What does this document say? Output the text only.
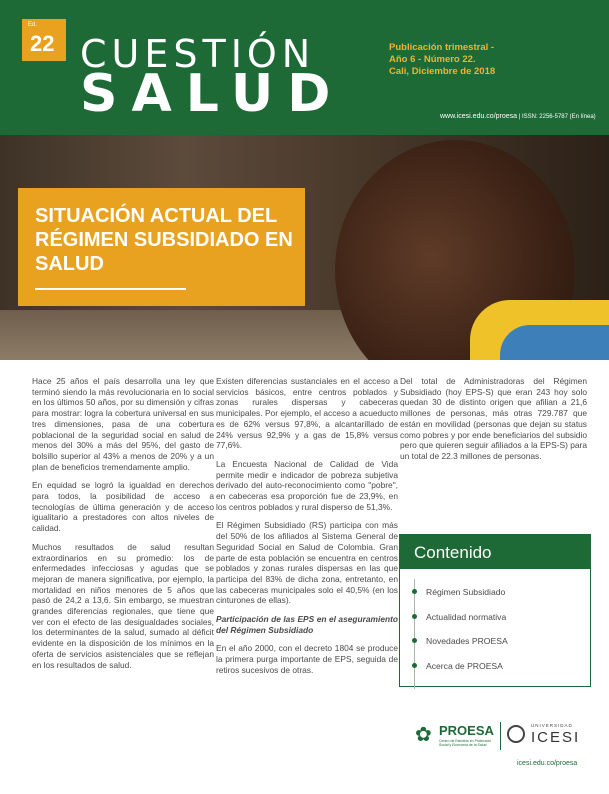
Ed.
22 CUESTIÓN
SALUD
Publicación trimestral -
Año 6 - Número 22.
Cali, Diciembre de 2018
www.icesi.edu.co/proesa | ISSN: 2256-5787 (En línea)
SITUACIÓN ACTUAL DEL RÉGIMEN SUBSIDIADO EN SALUD

Hace 25 años el país desarrolla una ley que terminó siendo la más revolucionaria en lo social en los últimos 50 años, por su dimensión y cifras para mostrar: logra la cobertura universal en sus tres dimensiones, pasa de una cobertura poblacional de la seguridad social en salud de menos del 30% a más del 95%, del gasto de bolsillo superior al 43% a menos de 20% y a un plan de beneficios tremendamente amplio.

En equidad se logró la igualdad en derechos para todos, la posibilidad de acceso a tecnologías de última generación y de acceso igualitario a prestadores con altos niveles de calidad.

Muchos resultados de salud resultan extraordinarios en su promedio: los de enfermedades infecciosas y agudas que se mejoran de manera significativa, por ejemplo, la mortalidad en niños menores de 5 años que pasó de 24,2 a 13,6. Sin embargo, se muestran grandes diferencias regionales, que tiene que ver con el efecto de las desigualdades sociales, los determinantes de la salud, sumado al déficit evidente en la disposición de los mínimos en la oferta de servicios asistenciales que se reflejan en los resultados de salud.

Existen diferencias sustanciales en el acceso a servicios básicos, entre centros poblados y zonas rurales dispersas y cabeceras municipales. Por ejemplo, el acceso a acueducto es de 62% versus 97,8%, a alcantarillado de 24% versus 92,9% y a gas de 15,8% versus 77,6%.

La Encuesta Nacional de Calidad de Vida permite medir e indicador de pobreza subjetiva derivado del auto-reconocimiento como "pobre", en cabeceras esa proporción fue de 23,9%, en los centros poblados y rural disperso de 51,3%.

El Régimen Subsidiado (RS) participa con más del 50% de los afiliados al Sistema General de Seguridad Social en Salud de Colombia. Gran parte de esta población se encuentra en centros poblados y zonas rurales dispersas en las que participa del 83% de dicha zona, entretanto, en las cabeceras municipales solo el 40,5% (en los cinturones de ellas).

Participación de las EPS en el aseguramiento del Régimen Subsidiado

En el año 2000, con el decreto 1804 se produce la primera purga importante de EPS, seguida de retiros sucesivos de otras.

Del total de Administradoras del Régimen Subsidiado (hoy EPS-S) que eran 243 hoy solo quedan 30 de distinto origen que afilian a 21,6 millones de personas, más otras 729.787 que están en movilidad (personas que dejan su status como pobres y por ende beneficiarios del subsidio pero que quieren seguir afiliados a la EPS-S) para un total de 22.3 millones de personas.

Contenido
Régimen Subsidiado
Actualidad normativa
Novedades PROESA
Acerca de PROESA
✿ PROESA
Centro de Estudios en Protección Social y Economía de la Salud
UNIVERSIDAD
ICESI
icesi.edu.co/proesa
